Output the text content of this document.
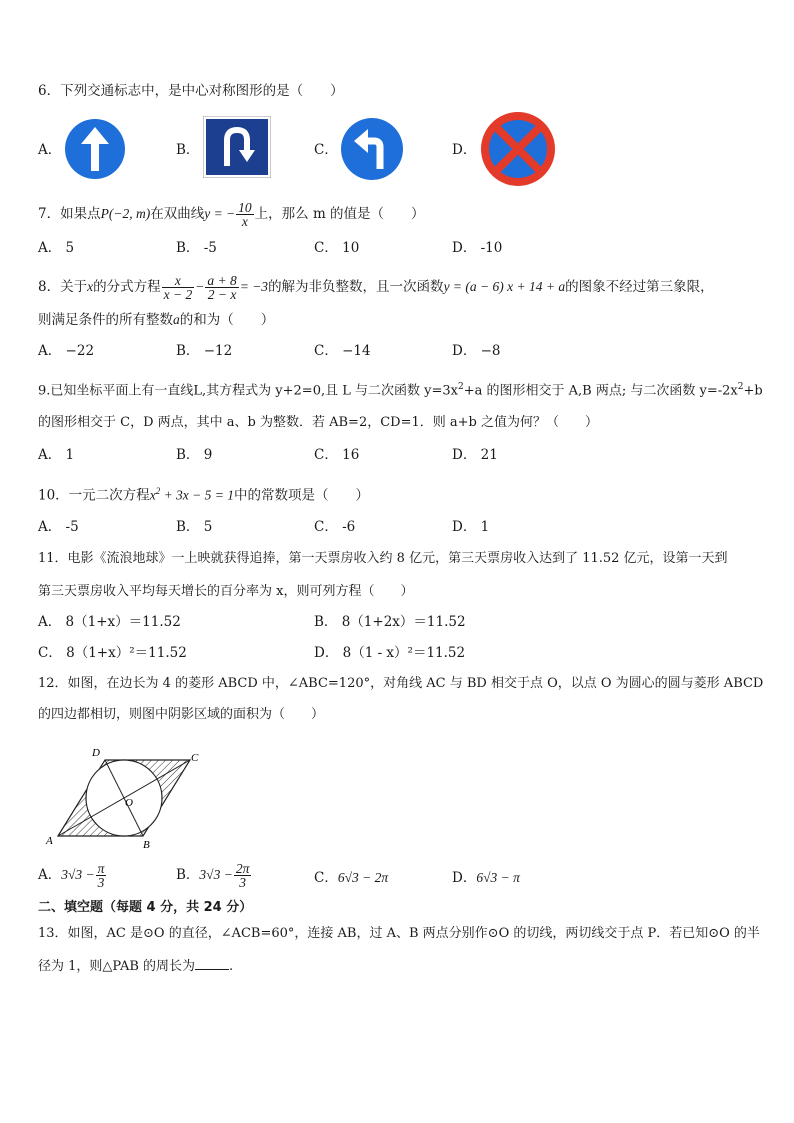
6．下列交通标志中，是中心对称图形的是（　　）
A．	B．	C．	D．
7．如果点P(−2, m)在双曲线y = − $\frac{10}{x}$ 上，那么 m 的值是（　　）
A． 5	B． -5	C． 10	D． -10
8．关于x的分式方程 $\frac{x}{x - 2} - \frac{a + 8}{2 - x} = -3$的解为非负整数，且一次函数y = (a − 6) x + 14 + a的图象不经过第三象限，
则满足条件的所有整数a的和为（　　）
A． −22	B． −12	C． −14	D． −8
9.已知坐标平面上有一直线L,其方程式为 y+2=0,且 L 与二次函数 $y=3x^2+a$ 的图形相交于 A,B 两点; 与二次函数 $y=-2x^2+b$
的图形相交于 C，D 两点，其中 a、b 为整数．若 AB=2，CD=1．则 a+b 之值为何？（　　）
A． 1	B． 9	C． 16	D． 21
10．一元二次方程$x^2 + 3x - 5 = 1$中的常数项是（　　）
A． -5	B． 5	C． -6	D． 1
11．电影《流浪地球》一上映就获得追捧，第一天票房收入约 8 亿元，第三天票房收入达到了 11.52 亿元，设第一天到
第三天票房收入平均每天增长的百分率为 x，则可列方程（　　）
A． 8（1+x）＝11.52	B． 8（1+2x）＝11.52
C． 8（1+x）²＝11.52	D． 8（1 - x）²＝11.52
12．如图，在边长为 4 的菱形 ABCD 中，∠ABC=120°，对角线 AC 与 BD 相交于点 O，以点 O 为圆心的圆与菱形 ABCD
的四边都相切，则图中阴影区域的面积为（　　）
D	C
O
A	B
A．$3√3 - \frac{\pi}{3}$	B．$3√3 - \frac{2\pi}{3}$	C．6√3 − 2π	D．6√3 − π
二、填空题（每题 4 分，共 24 分）
13．如图，AC 是⊙O 的直径，∠ACB=60°，连接 AB，过 A、B 两点分别作⊙O 的切线，两切线交于点 P．若已知⊙O 的半
径为 1，则△PAB 的周长为	.
